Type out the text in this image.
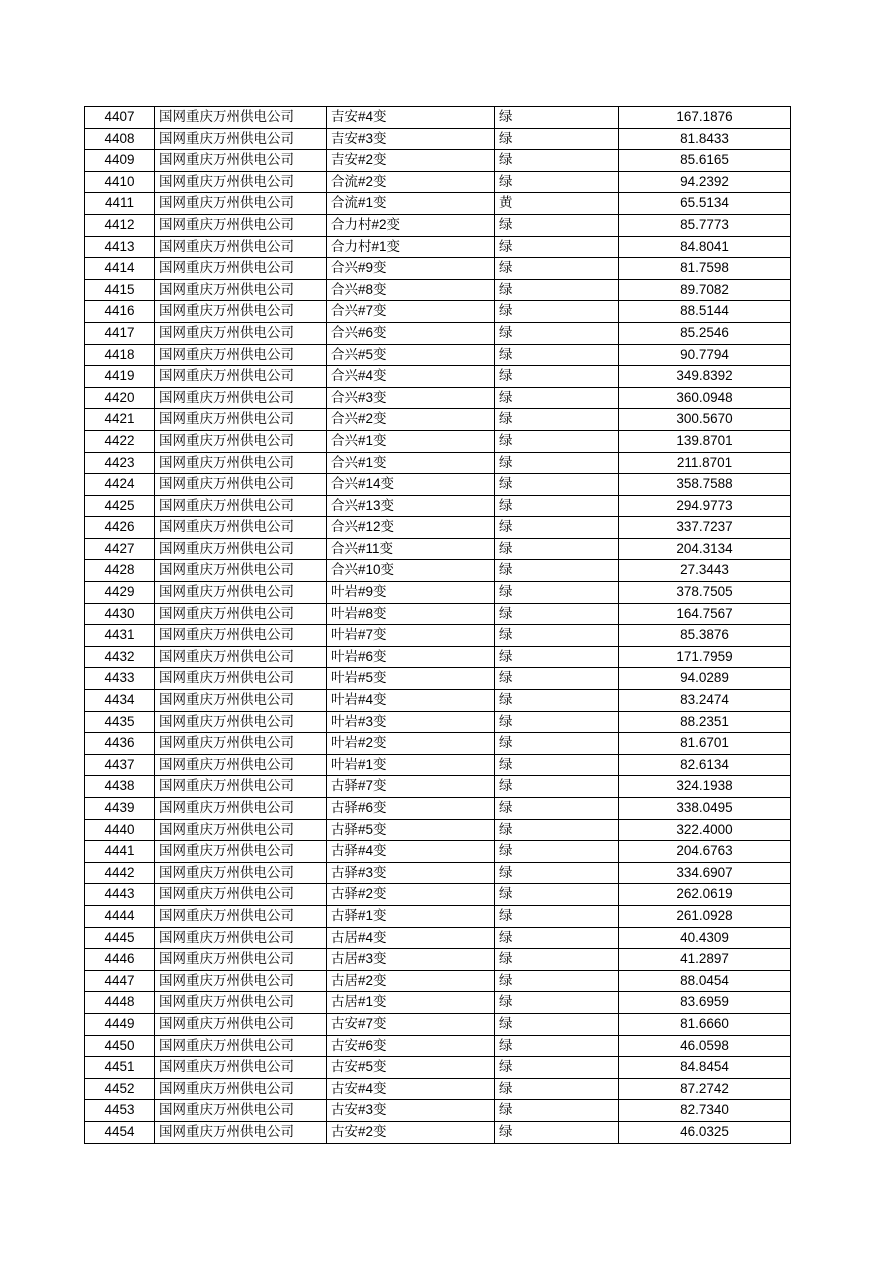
4407	国网重庆万州供电公司	吉安#4变	绿	167.1876
4408	国网重庆万州供电公司	吉安#3变	绿	81.8433
4409	国网重庆万州供电公司	吉安#2变	绿	85.6165
4410	国网重庆万州供电公司	合流#2变	绿	94.2392
4411	国网重庆万州供电公司	合流#1变	黄	65.5134
4412	国网重庆万州供电公司	合力村#2变	绿	85.7773
4413	国网重庆万州供电公司	合力村#1变	绿	84.8041
4414	国网重庆万州供电公司	合兴#9变	绿	81.7598
4415	国网重庆万州供电公司	合兴#8变	绿	89.7082
4416	国网重庆万州供电公司	合兴#7变	绿	88.5144
4417	国网重庆万州供电公司	合兴#6变	绿	85.2546
4418	国网重庆万州供电公司	合兴#5变	绿	90.7794
4419	国网重庆万州供电公司	合兴#4变	绿	349.8392
4420	国网重庆万州供电公司	合兴#3变	绿	360.0948
4421	国网重庆万州供电公司	合兴#2变	绿	300.5670
4422	国网重庆万州供电公司	合兴#1变	绿	139.8701
4423	国网重庆万州供电公司	合兴#1变	绿	211.8701
4424	国网重庆万州供电公司	合兴#14变	绿	358.7588
4425	国网重庆万州供电公司	合兴#13变	绿	294.9773
4426	国网重庆万州供电公司	合兴#12变	绿	337.7237
4427	国网重庆万州供电公司	合兴#11变	绿	204.3134
4428	国网重庆万州供电公司	合兴#10变	绿	27.3443
4429	国网重庆万州供电公司	叶岩#9变	绿	378.7505
4430	国网重庆万州供电公司	叶岩#8变	绿	164.7567
4431	国网重庆万州供电公司	叶岩#7变	绿	85.3876
4432	国网重庆万州供电公司	叶岩#6变	绿	171.7959
4433	国网重庆万州供电公司	叶岩#5变	绿	94.0289
4434	国网重庆万州供电公司	叶岩#4变	绿	83.2474
4435	国网重庆万州供电公司	叶岩#3变	绿	88.2351
4436	国网重庆万州供电公司	叶岩#2变	绿	81.6701
4437	国网重庆万州供电公司	叶岩#1变	绿	82.6134
4438	国网重庆万州供电公司	古驿#7变	绿	324.1938
4439	国网重庆万州供电公司	古驿#6变	绿	338.0495
4440	国网重庆万州供电公司	古驿#5变	绿	322.4000
4441	国网重庆万州供电公司	古驿#4变	绿	204.6763
4442	国网重庆万州供电公司	古驿#3变	绿	334.6907
4443	国网重庆万州供电公司	古驿#2变	绿	262.0619
4444	国网重庆万州供电公司	古驿#1变	绿	261.0928
4445	国网重庆万州供电公司	古居#4变	绿	40.4309
4446	国网重庆万州供电公司	古居#3变	绿	41.2897
4447	国网重庆万州供电公司	古居#2变	绿	88.0454
4448	国网重庆万州供电公司	古居#1变	绿	83.6959
4449	国网重庆万州供电公司	古安#7变	绿	81.6660
4450	国网重庆万州供电公司	古安#6变	绿	46.0598
4451	国网重庆万州供电公司	古安#5变	绿	84.8454
4452	国网重庆万州供电公司	古安#4变	绿	87.2742
4453	国网重庆万州供电公司	古安#3变	绿	82.7340
4454	国网重庆万州供电公司	古安#2变	绿	46.0325
